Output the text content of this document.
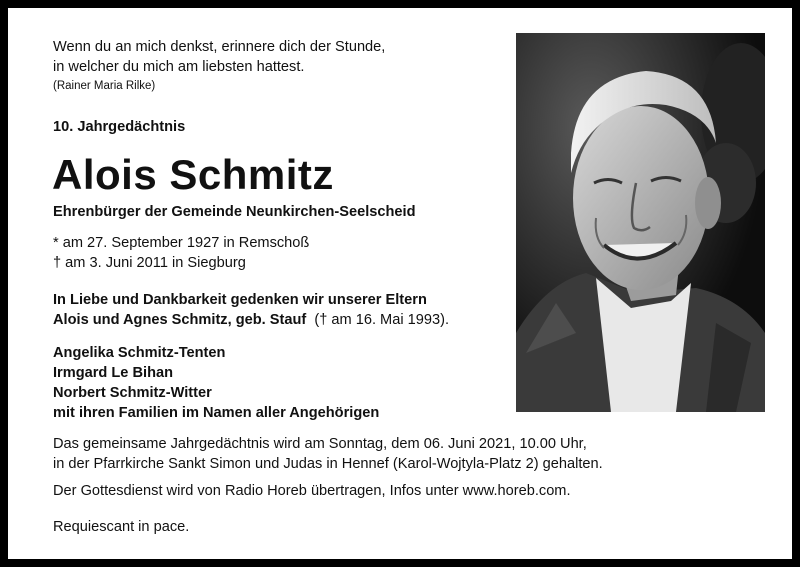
Wenn du an mich denkst, erinnere dich der Stunde,

in welcher du mich am liebsten hattest.

(Rainer Maria Rilke)

10. Jahrgedächtnis

Alois Schmitz

Ehrenbürger der Gemeinde Neunkirchen-Seelscheid

* am 27. September 1927 in Remschoß

† am 3. Juni 2011 in Siegburg

In Liebe und Dankbarkeit gedenken wir unserer Eltern

Alois und Agnes Schmitz, geb. Stauf († am 16. Mai 1993).

Angelika Schmitz-Tenten

Irmgard Le Bihan

Norbert Schmitz-Witter

mit ihren Familien im Namen aller Angehörigen

Das gemeinsame Jahrgedächtnis wird am Sonntag, dem 06. Juni 2021, 10.00 Uhr,

in der Pfarrkirche Sankt Simon und Judas in Hennef (Karol-Wojtyla-Platz 2) gehalten.

Der Gottesdienst wird von Radio Horeb übertragen, Infos unter www.horeb.com.

Requiescant in pace.
